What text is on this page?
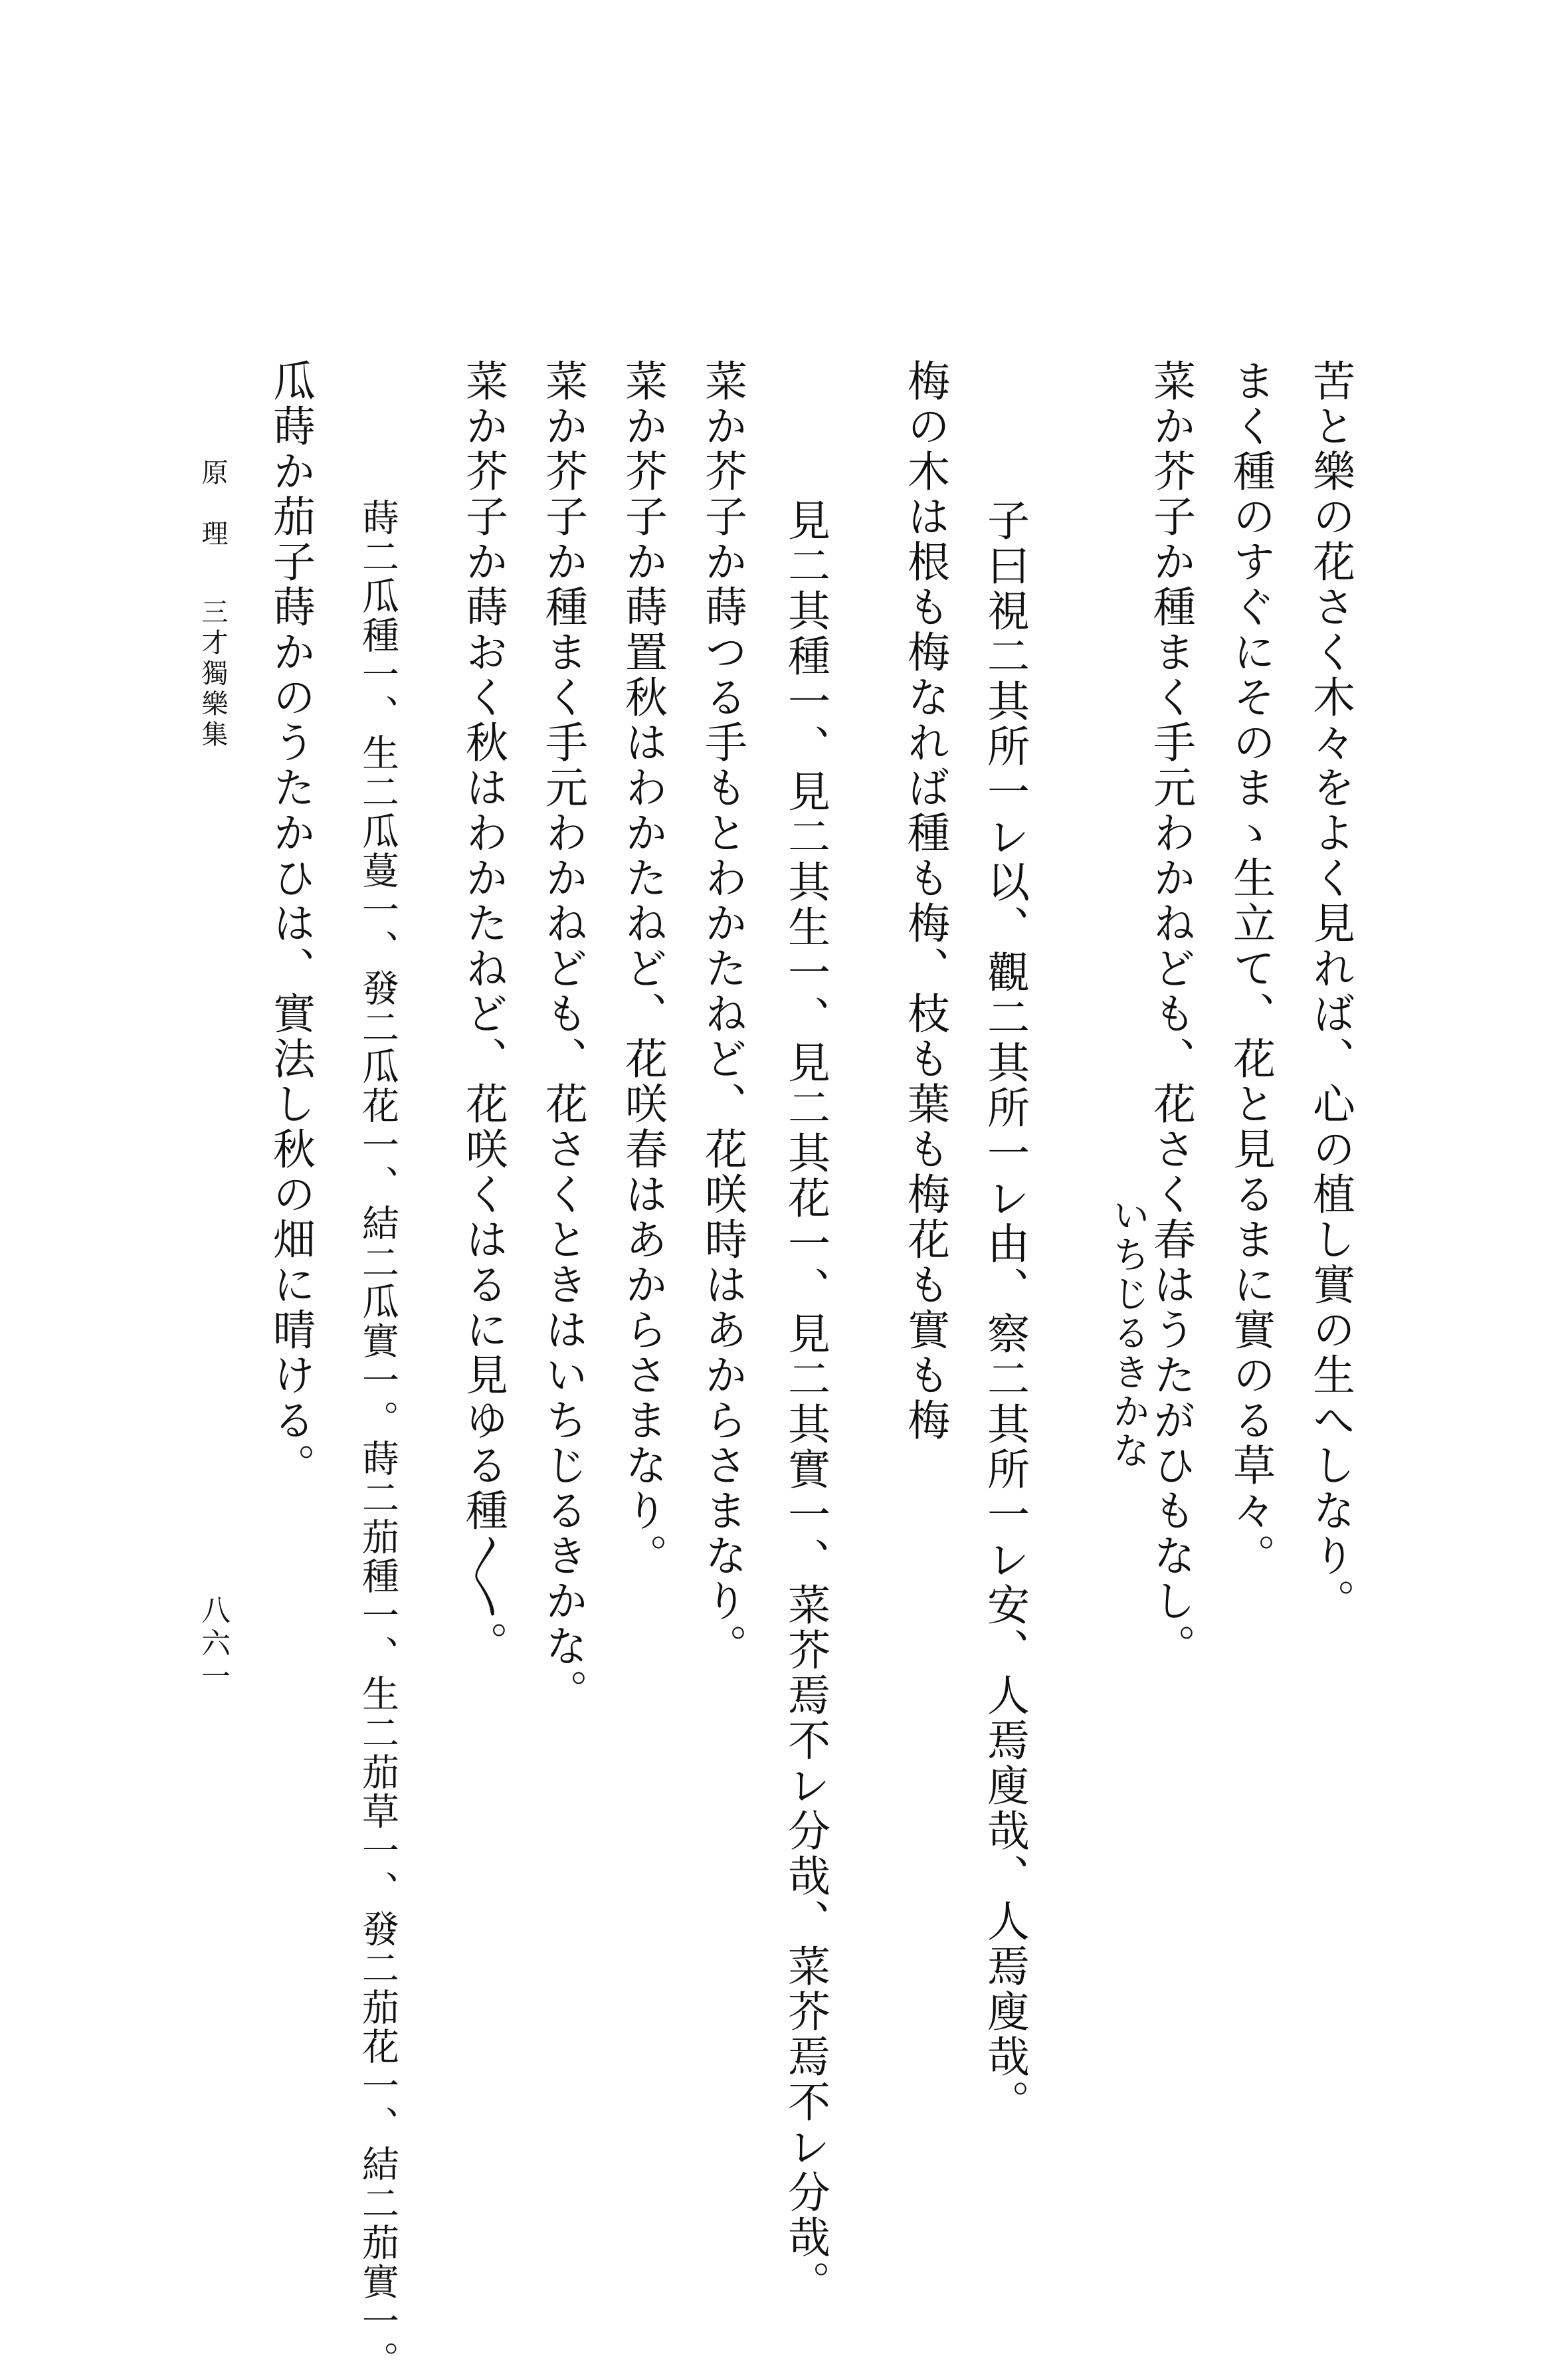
苦と樂の花さく木々をよく見れば、心の植し實の生へしなり。
まく種のすぐにそのまゝ生立て、花と見るまに實のる草々。
菜か芥子か種まく手元わかねども、花さく春はうたがひもなし。
いちじるきかな
子曰視二其所一レ以、觀二其所一レ由、察二其所一レ安、人焉廋哉、人焉廋哉。
梅の木は根も梅なれば種も梅、枝も葉も梅花も實も梅
見二其種一、見二其生一、見二其花一、見二其實一、菜芥焉不レ分哉、菜芥焉不レ分哉。
菜か芥子か蒔つる手もとわかたねど、花咲時はあからさまなり。
菜か芥子か蒔置秋はわかたねど、花咲春はあからさまなり。
菜か芥子か種まく手元わかねども、花さくときはいちじるきかな。
菜か芥子か蒔おく秋はわかたねど、花咲くはるに見ゆる種〳〵。
蒔二瓜種一、生二瓜蔓一、發二瓜花一、結二瓜實一。蒔二茄種一、生二茄草一、發二茄花一、結二茄實一。
瓜蒔か茄子蒔かのうたかひは、實法し秋の畑に晴ける。
原　理
三才獨樂集
八六一
